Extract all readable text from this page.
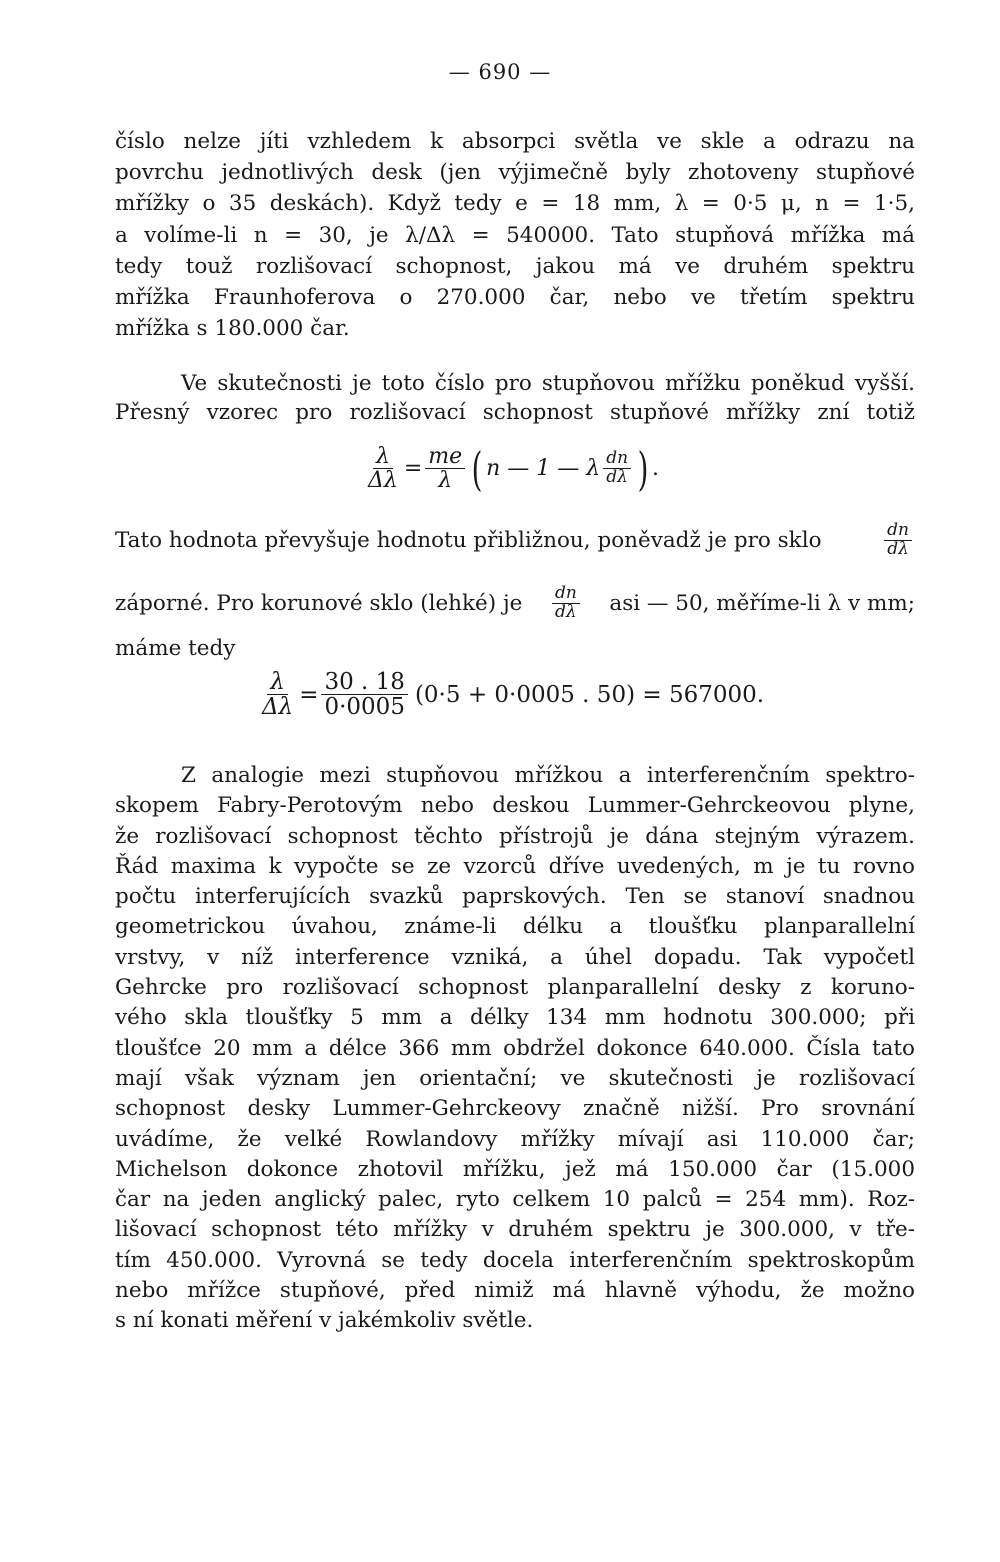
— 690 —
číslo nelze jíti vzhledem k absorpci světla ve skle a odrazu na
povrchu jednotlivých desk (jen výjimečně byly zhotoveny stupňové
mřížky o 35 deskách). Když tedy e = 18 mm, λ = 0·5 μ, n = 1·5,
a volíme-li n = 30, je λ/Δλ = 540000. Tato stupňová mřížka má
tedy touž rozlišovací schopnost, jakou má ve druhém spektru
mřížka Fraunhoferova o 270.000 čar, nebo ve třetím spektru
mřížka s 180.000 čar.
Ve skutečnosti je toto číslo pro stupňovou mřížku poněkud vyšší.
Přesný vzorec pro rozlišovací schopnost stupňové mřížky zní totiž
$\frac{\lambda}{\Delta\lambda} = \frac{me}{\lambda}$ ( n — 1 — λ $\frac{dn}{d\lambda}$ ) .
Tato hodnota převyšuje hodnotu přibližnou, poněvadž je pro sklo	$\frac{dn}{d\lambda}$
záporné. Pro korunové sklo (lehké) je $\frac{dn}{d\lambda}$ asi — 50, měříme-li λ v mm;
máme tedy
$\frac{\lambda}{\Delta\lambda} = \frac{30 . 18}{0\cdot 0005} (0\cdot 5 + 0\cdot 0005$ . 50) = 567000.
Z analogie mezi stupňovou mřížkou a interferenčním spektro-
skopem Fabry-Perotovým nebo deskou Lummer-Gehrckeovou plyne,
že rozlišovací schopnost těchto přístrojů je dána stejným výrazem.
Řád maxima k vypočte se ze vzorců dříve uvedených, m je tu rovno
počtu interferujících svazků paprskových. Ten se stanoví snadnou
geometrickou úvahou, známe-li délku a tloušťku planparallelní
vrstvy, v níž interference vzniká, a úhel dopadu. Tak vypočetl
Gehrcke pro rozlišovací schopnost planparallelní desky z koruno-
vého skla tloušťky 5 mm a délky 134 mm hodnotu 300.000; při
tloušťce 20 mm a délce 366 mm obdržel dokonce 640.000. Čísla tato
mají však význam jen orientační; ve skutečnosti je rozlišovací
schopnost desky Lummer-Gehrckeovy značně nižší. Pro srovnání
uvádíme, že velké Rowlandovy mřížky mívají asi 110.000 čar;
Michelson dokonce zhotovil mřížku, jež má 150.000 čar (15.000
čar na jeden anglický palec, ryto celkem 10 palců = 254 mm). Roz-
lišovací schopnost této mřížky v druhém spektru je 300.000, v tře-
tím 450.000. Vyrovná se tedy docela interferenčním spektroskopům
nebo mřížce stupňové, před nimiž má hlavně výhodu, že možno
s ní konati měření v jakémkoliv světle.
